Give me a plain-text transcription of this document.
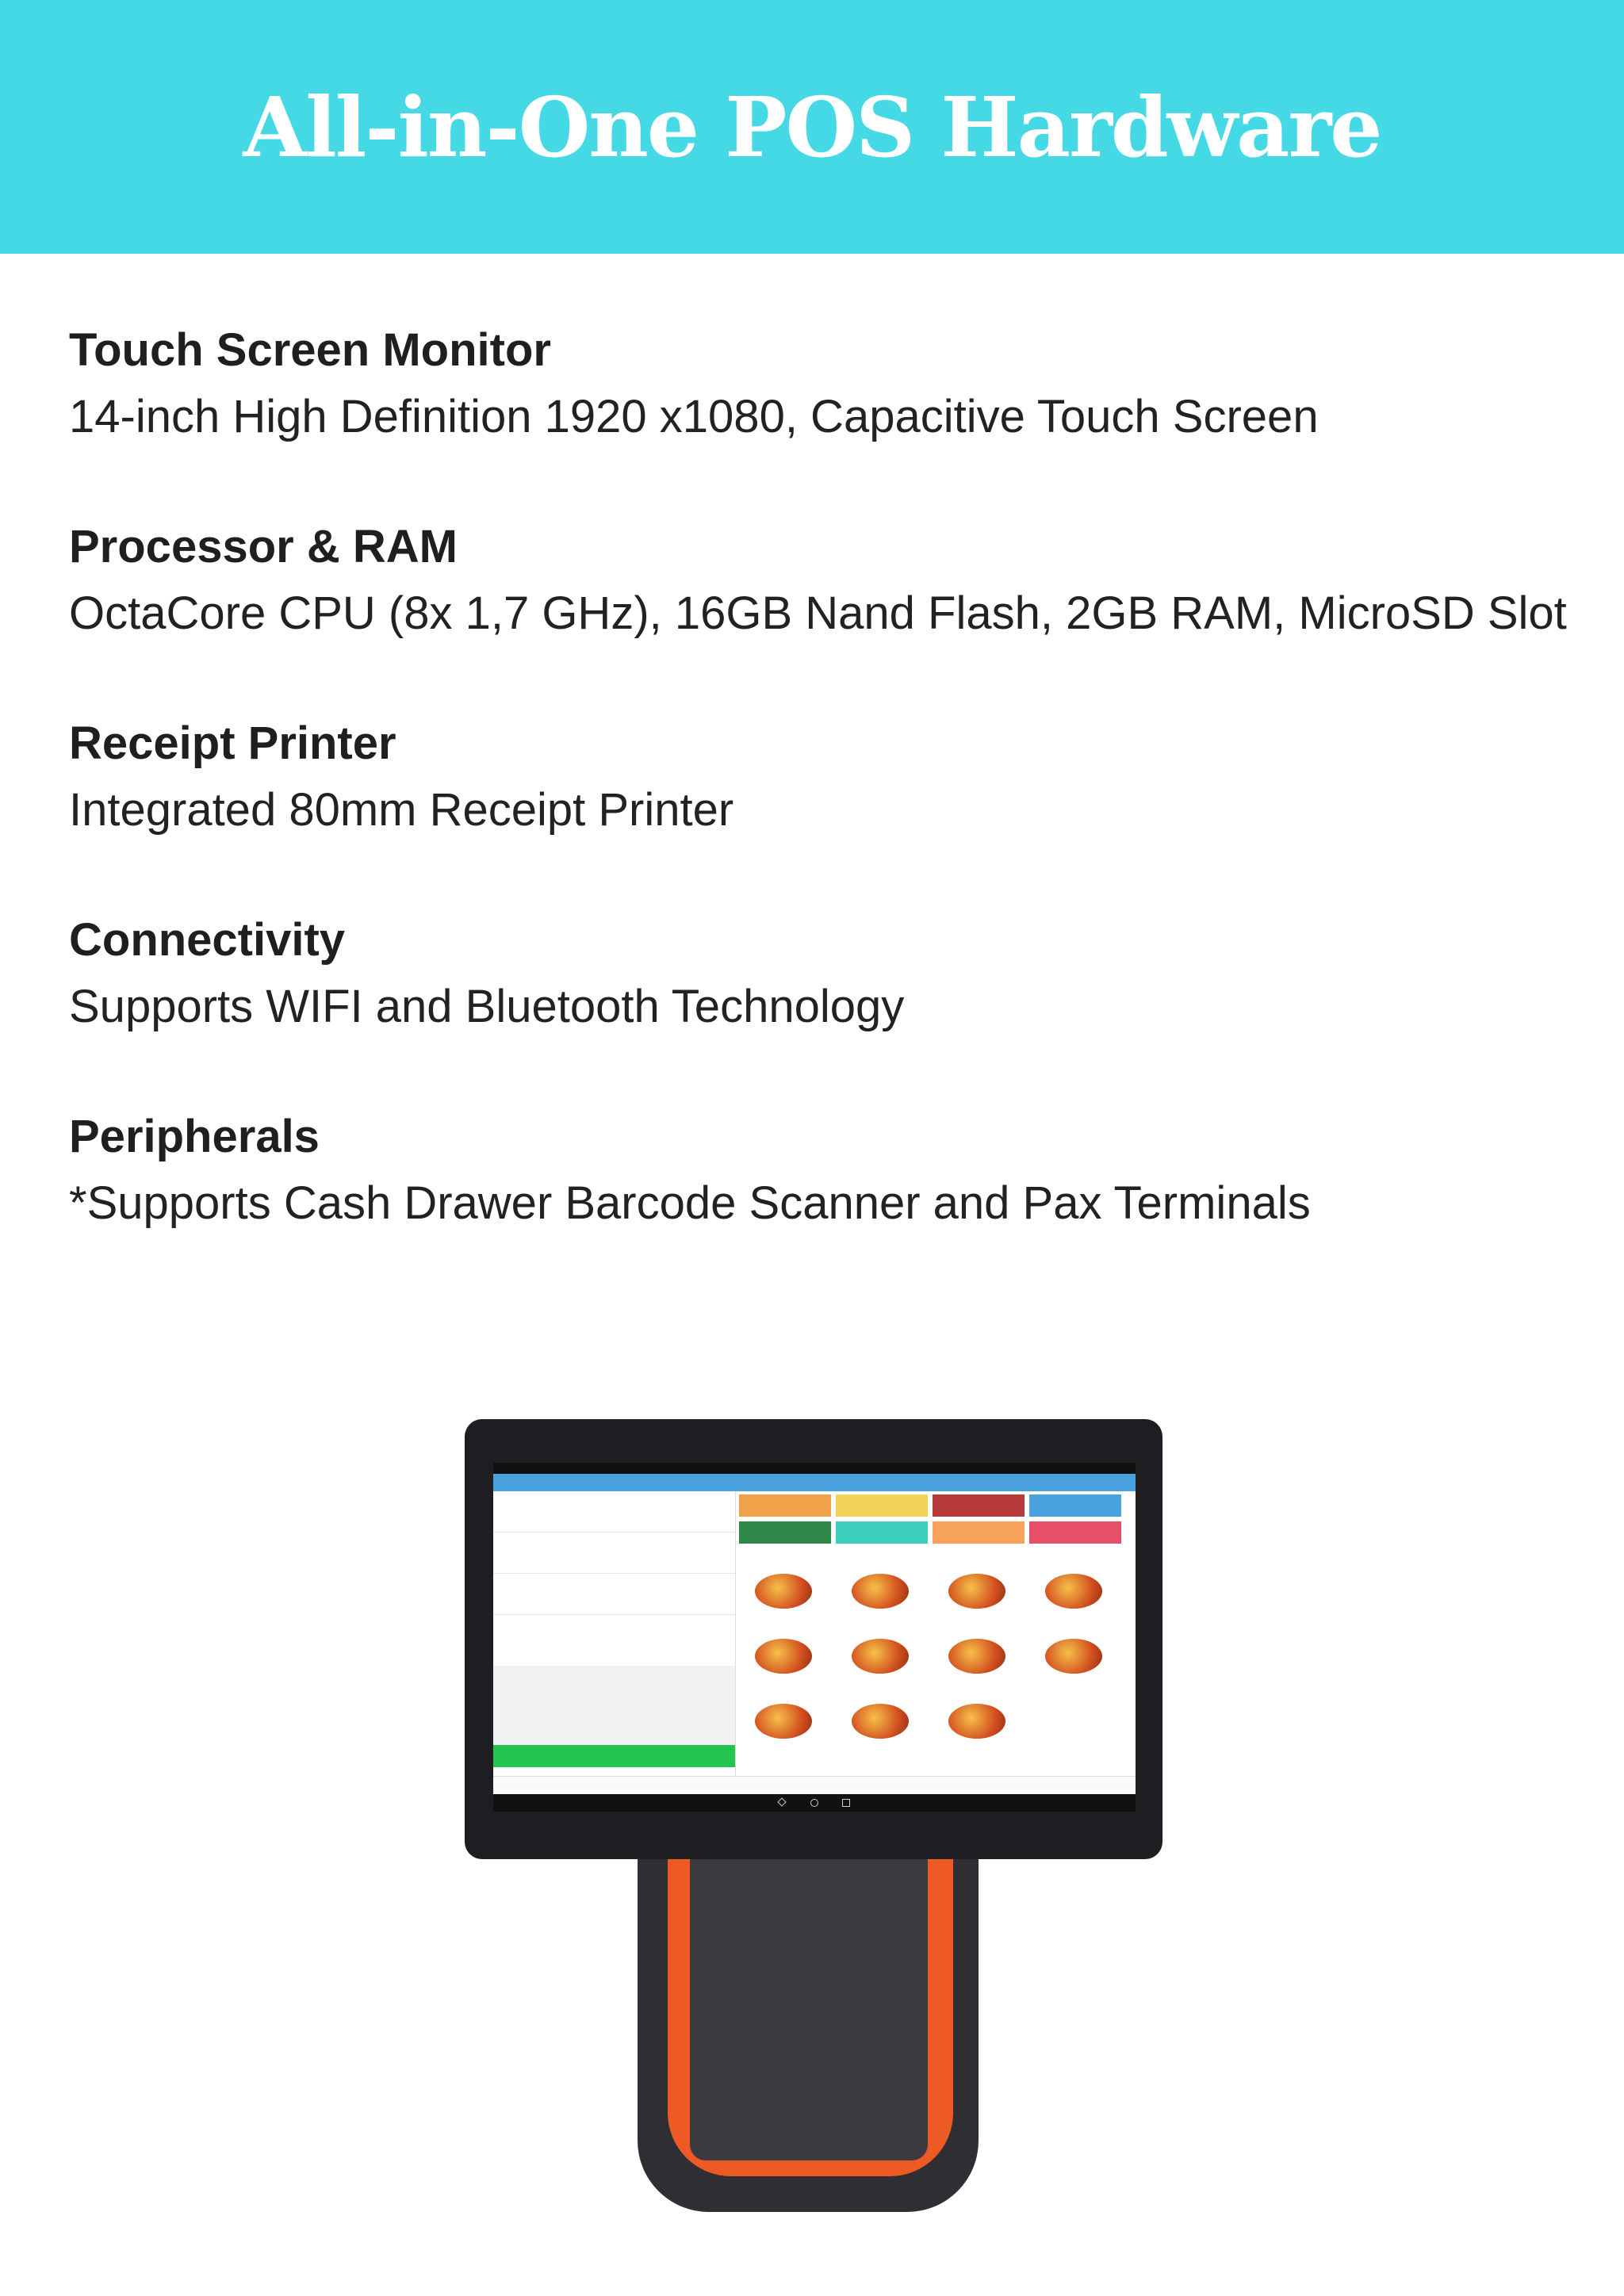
All-in-One POS Hardware
Touch Screen Monitor
14-inch High Definition 1920 x1080, Capacitive Touch Screen
Processor & RAM
OctaCore CPU (8x 1,7 GHz), 16GB Nand Flash, 2GB RAM, MicroSD Slot
Receipt Printer
Integrated 80mm Receipt Printer
Connectivity
Supports WIFI and Bluetooth Technology
Peripherals
*Supports Cash Drawer Barcode Scanner and Pax Terminals
